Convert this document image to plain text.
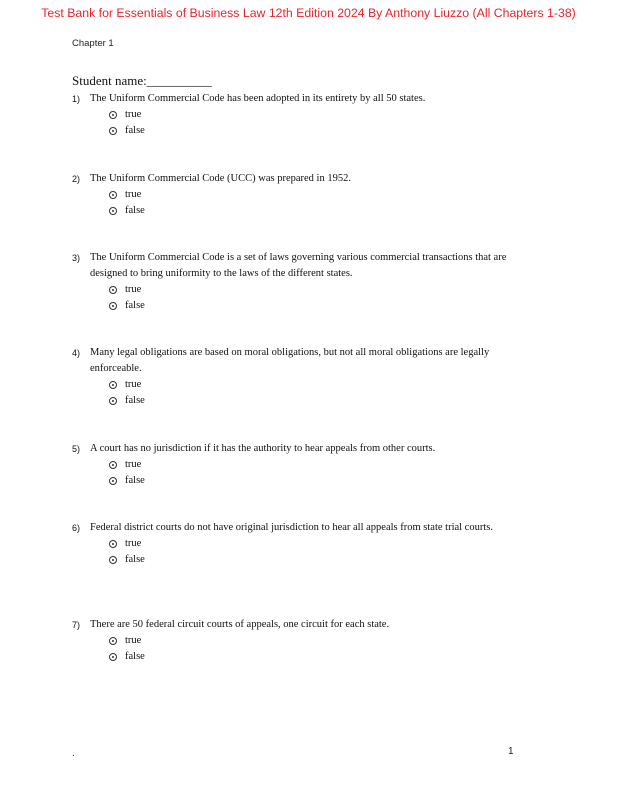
Test Bank for Essentials of Business Law 12th Edition 2024 By Anthony Liuzzo (All Chapters 1-38)
Chapter 1
Student name:__________
1) The Uniform Commercial Code has been adopted in its entirety by all 50 states.
true
false
2) The Uniform Commercial Code (UCC) was prepared in 1952.
true
false
3) The Uniform Commercial Code is a set of laws governing various commercial transactions that are designed to bring uniformity to the laws of the different states.
true
false
4) Many legal obligations are based on moral obligations, but not all moral obligations are legally enforceable.
true
false
5) A court has no jurisdiction if it has the authority to hear appeals from other courts.
true
false
6) Federal district courts do not have original jurisdiction to hear all appeals from state trial courts.
true
false
7) There are 50 federal circuit courts of appeals, one circuit for each state.
true
false
.	1
